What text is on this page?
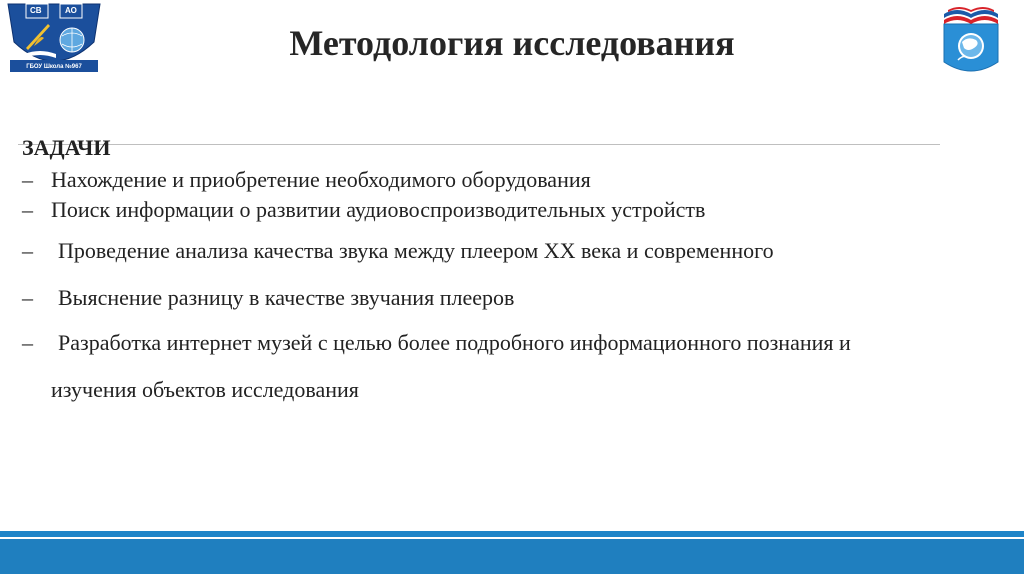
СВ	АО
ГБОУ Школа №967
Методология исследования
ЗАДАЧИ
– Нахождение и приобретение необходимого оборудования
– Поиск информации о развитии аудиовоспроизводительных устройств
– Проведение анализа качества звука между плеером ХХ века и современного
– Выяснение разницу в качестве звучания плееров
– Разработка интернет музей с целью более подробного информационного познания и
изучения объектов исследования
